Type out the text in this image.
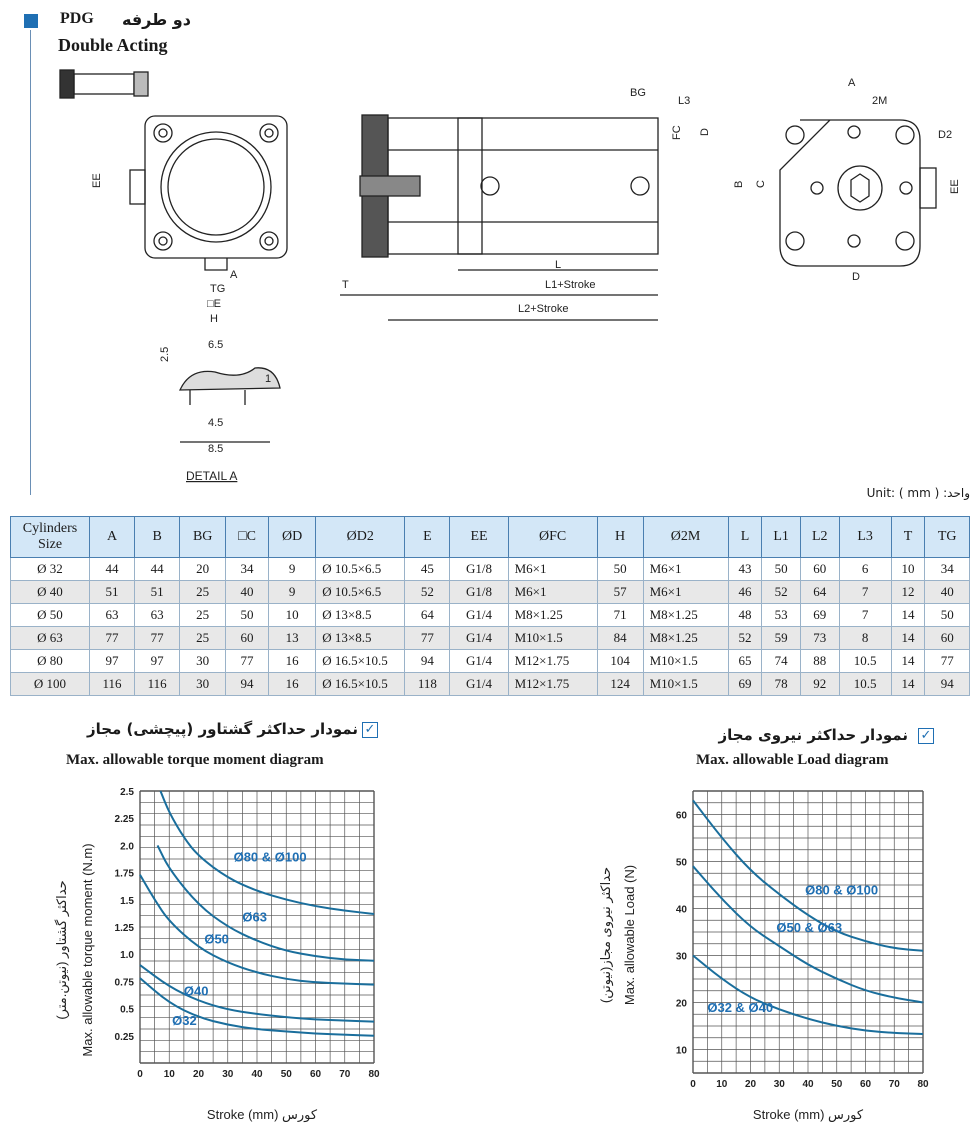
PDG دو طرفه
Double Acting
EE
A
TG
□E
H
BG
L3
FC D
T
L
L1+Stroke
L2+Stroke
A
2M
D2
B C	EE
D
2.5
6.5
1
4.5
8.5
DETAIL A
Unit: ( mm ) :واحد
Cylinders Size	A	B	BG	□C	ØD	ØD2	E	EE	ØFC	H	Ø2M	L	L1	L2	L3	T	TG
Ø 32	44	44	20	34	9	Ø 10.5×6.5	45	G1/8	M6×1	50	M6×1	43	50	60	6	10	34
Ø 40	51	51	25	40	9	Ø 10.5×6.5	52	G1/8	M6×1	57	M6×1	46	52	64	7	12	40
Ø 50	63	63	25	50	10	Ø 13×8.5	64	G1/4	M8×1.25	71	M8×1.25	48	53	69	7	14	50
Ø 63	77	77	25	60	13	Ø 13×8.5	77	G1/4	M10×1.5	84	M8×1.25	52	59	73	8	14	60
Ø 80	97	97	30	77	16	Ø 16.5×10.5	94	G1/4	M12×1.75	104	M10×1.5	65	74	88	10.5	14	77
Ø 100	116	116	30	94	16	Ø 16.5×10.5	118	G1/4	M12×1.75	124	M10×1.5	69	78	92	10.5	14	94
✓
نمودار حداکثر گشتاور (پیچشی) مجاز
Max. allowable torque moment diagram
حداکثر گشتاور (نیوتن.متر) Max. allowable torque moment (N.m)
Stroke (mm) کورس
0 10 20 30 40 50 60 70 80
0.25
0.5
0.75
1.0
1.25
1.5
1.75
2.0
2.25
2.5
Ø80 & Ø100
Ø63
Ø50
Ø40
Ø32
✓
نمودار حداکثر نیروی مجاز
Max. allowable Load diagram
حداکثر نیروی مجاز(نیوتن) Max. allowable Load (N)
Stroke (mm) کورس
0 10 20 30 40 50 60 70 80
10
20
30
40
50
60
Ø80 & Ø100
Ø50 & Ø63
Ø32 & Ø40
